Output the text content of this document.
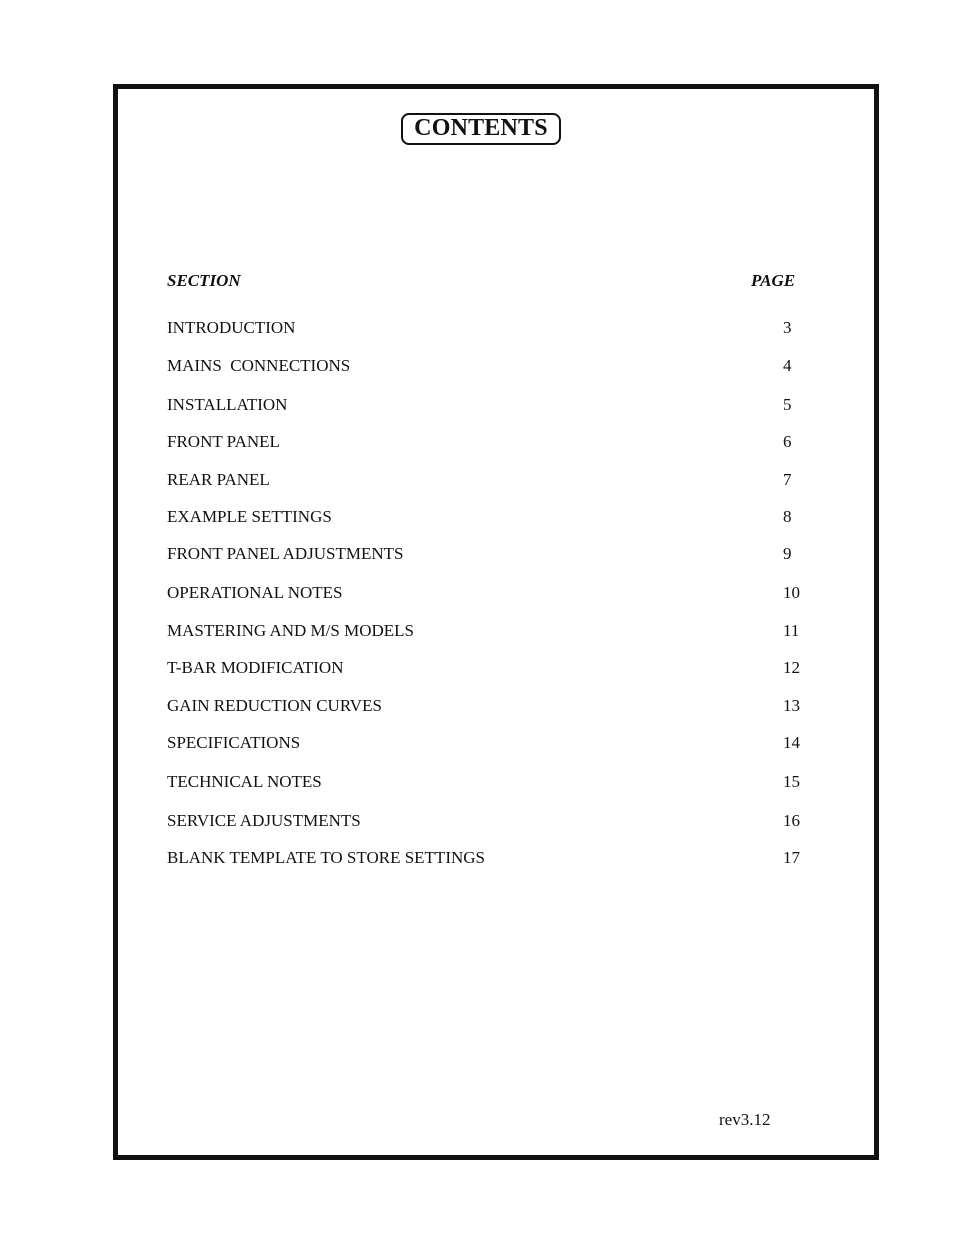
CONTENTS
SECTION	PAGE
INTRODUCTION	3
MAINS  CONNECTIONS	4
INSTALLATION	5
FRONT PANEL	6
REAR PANEL	7
EXAMPLE SETTINGS	8
FRONT PANEL ADJUSTMENTS	9
OPERATIONAL NOTES	10
MASTERING AND M/S MODELS	11
T-BAR MODIFICATION	12
GAIN REDUCTION CURVES	13
SPECIFICATIONS	14
TECHNICAL NOTES	15
SERVICE ADJUSTMENTS	16
BLANK TEMPLATE TO STORE SETTINGS	17
rev3.12
